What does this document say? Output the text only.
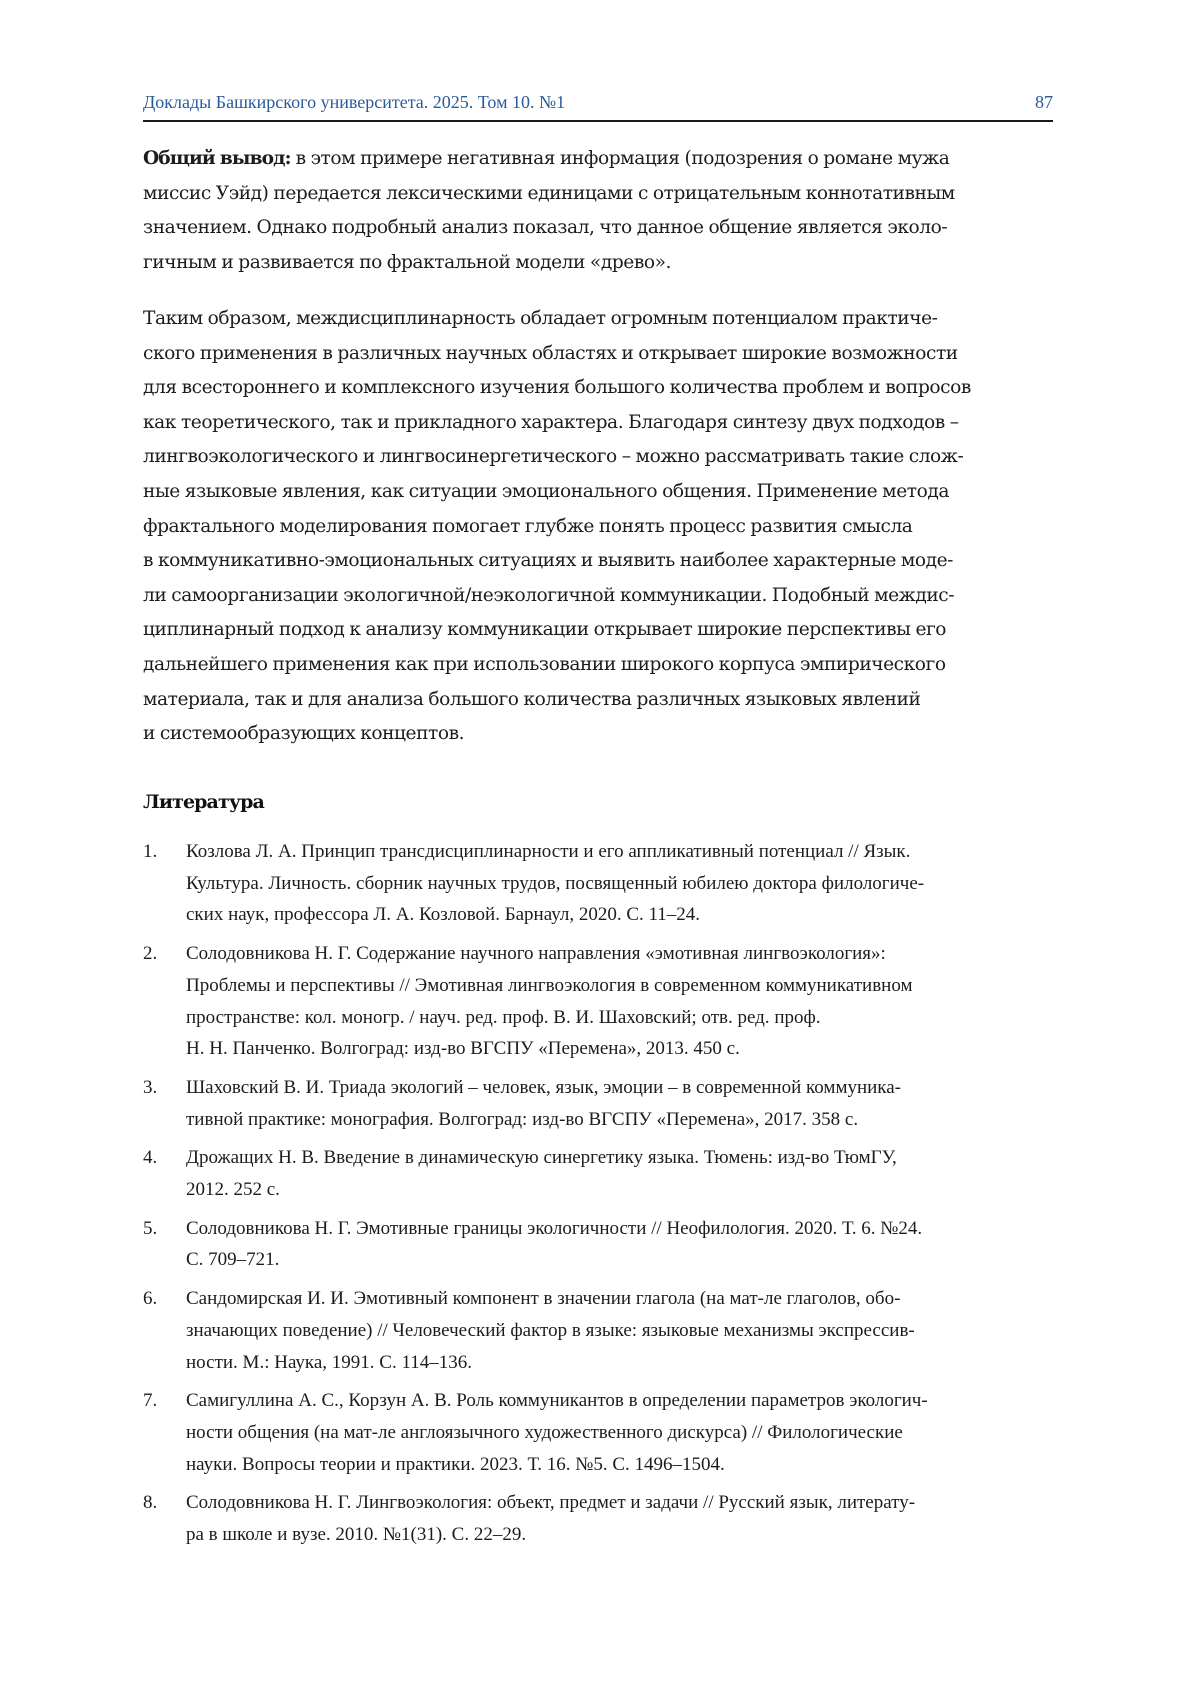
Доклады Башкирского университета. 2025. Том 10. №1	87
Общий вывод: в этом примере негативная информация (подозрения о романе мужа
миссис Уэйд) передается лексическими единицами с отрицательным коннотативным
значением. Однако подробный анализ показал, что данное общение является эколо-
гичным и развивается по фрактальной модели «древо».
Таким образом, междисциплинарность обладает огромным потенциалом практиче-
ского применения в различных научных областях и открывает широкие возможности
для всестороннего и комплексного изучения большого количества проблем и вопросов
как теоретического, так и прикладного характера. Благодаря синтезу двух подходов –
лингвоэкологического и лингвосинергетического – можно рассматривать такие слож-
ные языковые явления, как ситуации эмоционального общения. Применение метода
фрактального моделирования помогает глубже понять процесс развития смысла
в коммуникативно-эмоциональных ситуациях и выявить наиболее характерные моде-
ли самоорганизации экологичной/неэкологичной коммуникации. Подобный междис-
циплинарный подход к анализу коммуникации открывает широкие перспективы его
дальнейшего применения как при использовании широкого корпуса эмпирического
материала, так и для анализа большого количества различных языковых явлений
и системообразующих концептов.
Литература
1. Козлова Л. А. Принцип трансдисциплинарности и его аппликативный потенциал // Язык.
Культура. Личность. сборник научных трудов, посвященный юбилею доктора филологиче-
ских наук, профессора Л. А. Козловой. Барнаул, 2020. С. 11–24.
2. Солодовникова Н. Г. Содержание научного направления «эмотивная лингвоэкология»:
Проблемы и перспективы // Эмотивная лингвоэкология в современном коммуникативном
пространстве: кол. моногр. / науч. ред. проф. В. И. Шаховский; отв. ред. проф.
Н. Н. Панченко. Волгоград: изд-во ВГСПУ «Перемена», 2013. 450 с.
3. Шаховский В. И. Триада экологий – человек, язык, эмоции – в современной коммуника-
тивной практике: монография. Волгоград: изд-во ВГСПУ «Перемена», 2017. 358 с.
4. Дрожащих Н. В. Введение в динамическую синергетику языка. Тюмень: изд-во ТюмГУ,
2012. 252 с.
5. Солодовникова Н. Г. Эмотивные границы экологичности // Неофилология. 2020. Т. 6. №24.
С. 709–721.
6. Сандомирская И. И. Эмотивный компонент в значении глагола (на мат-ле глаголов, обо-
значающих поведение) // Человеческий фактор в языке: языковые механизмы экспрессив-
ности. М.: Наука, 1991. С. 114–136.
7. Самигуллина А. С., Корзун А. В. Роль коммуникантов в определении параметров экологич-
ности общения (на мат-ле англоязычного художественного дискурса) // Филологические
науки. Вопросы теории и практики. 2023. Т. 16. №5. С. 1496–1504.
8. Солодовникова Н. Г. Лингвоэкология: объект, предмет и задачи // Русский язык, литерату-
ра в школе и вузе. 2010. №1(31). С. 22–29.
